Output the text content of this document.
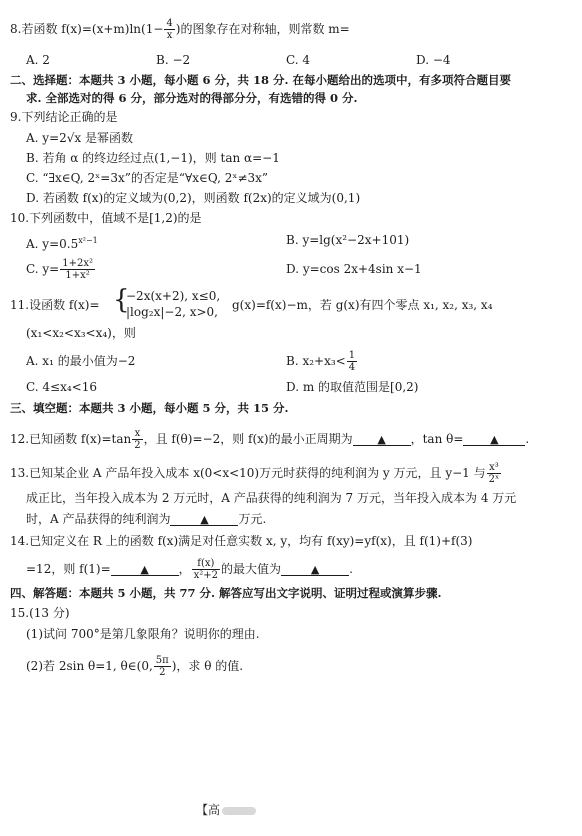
8.若函数 $f(x)=(x+m)\ln(1- \frac{4}{x}$ )的图象存在对称轴，则常数 m=
A. 2	B. −2	C. 4	D. −4
二、选择题：本题共 3 小题，每小题 6 分，共 18 分. 在每小题给出的选项中，有多项符合题目要
求. 全部选对的得 6 分，部分选对的得部分分，有选错的得 0 分.
9.下列结论正确的是
A. y=2√x 是幂函数
B. 若角 α 的终边经过点(1,−1)，则 tan α=−1
C. “∃x∈Q, 2ˣ=3x”的否定是“∀x∈Q, 2ˣ≠3x”
D. 若函数 f(x)的定义域为(0,2)，则函数 f(2x)的定义域为(0,1)
10.下列函数中，值域不是[1,2)的是
A. $y=0.5^{x^2-1}$	B. y=lg(x²−2x+101)
C. $y= \frac{\text{1+2x²}}{\text{1+x²}}$	D. y=cos 2x+4sin x−1
11.设函数 f(x)= {
−2x(x+2), x≤0,
|log₂x|−2, x>0, g(x)=f(x)−m，若 g(x)有四个零点 x₁, x₂, x₃, x₄
(x₁<x₂<x₃<x₄)，则
A. x₁ 的最小值为−2	B. $x_2+x_3< \frac{1}{4}$
C. 4≤x₄<16	D. m 的取值范围是[0,2)
三、填空题：本题共 3 小题，每小题 5 分，共 15 分.
12.已知函数 $f(x)=\tan \frac{x}{2}$ ，且 f(θ)=−2，则 f(x)的最小正周期为 ▲ ，tan θ= ▲ .
13.已知某企业 A 产品年投入成本 x(0<x<10)万元时获得的纯利润为 y 万元，且 y−1 与 $\frac{\text{x³}}{\text{2ˣ}}$
成正比，当年投入成本为 2 万元时，A 产品获得的纯利润为 7 万元，当年投入成本为 4 万元
时，A 产品获得的纯利润为	▲ 万元.
14.已知定义在 R 上的函数 f(x)满足对任意实数 x, y，均有 f(xy)=yf(x)，且 f(1)+f(3)
=12，则 f(1)=	▲ ， $\frac{f(x)}{\text{x²+2}}$ 的最大值为	▲ .
四、解答题：本题共 5 小题，共 77 分. 解答应写出文字说明、证明过程或演算步骤.
15.(13 分)
(1)试问 700°是第几象限角？说明你的理由.
(2)若 2sin θ=1, θ∈(0, $\frac{5\pi}{2}$ )，求 θ 的值.
【高
